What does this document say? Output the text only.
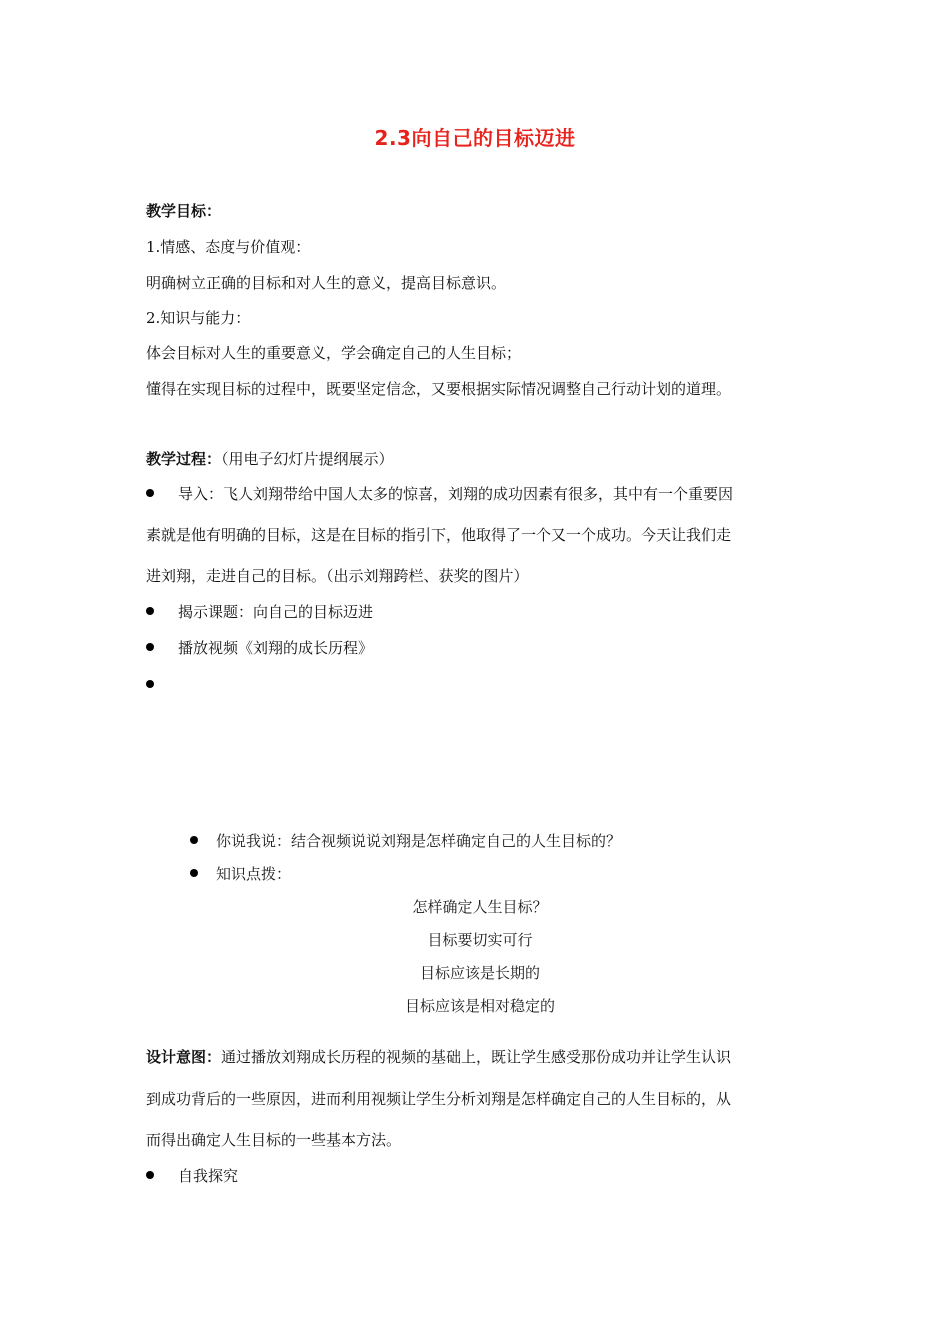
2.3向自己的目标迈进
教学目标：
1.情感、态度与价值观：
明确树立正确的目标和对人生的意义，提高目标意识。
2.知识与能力：
体会目标对人生的重要意义，学会确定自己的人生目标；
懂得在实现目标的过程中，既要坚定信念，又要根据实际情况调整自己行动计划的道理。
教学过程：（用电子幻灯片提纲展示）
导入：飞人刘翔带给中国人太多的惊喜，刘翔的成功因素有很多，其中有一个重要因
素就是他有明确的目标，这是在目标的指引下，他取得了一个又一个成功。今天让我们走
进刘翔，走进自己的目标。（出示刘翔跨栏、获奖的图片）
揭示课题：向自己的目标迈进
播放视频《刘翔的成长历程》
你说我说：结合视频说说刘翔是怎样确定自己的人生目标的？
知识点拨：
怎样确定人生目标？
目标要切实可行
目标应该是长期的
目标应该是相对稳定的
设计意图：通过播放刘翔成长历程的视频的基础上，既让学生感受那份成功并让学生认识
到成功背后的一些原因，进而利用视频让学生分析刘翔是怎样确定自己的人生目标的，从
而得出确定人生目标的一些基本方法。
自我探究
